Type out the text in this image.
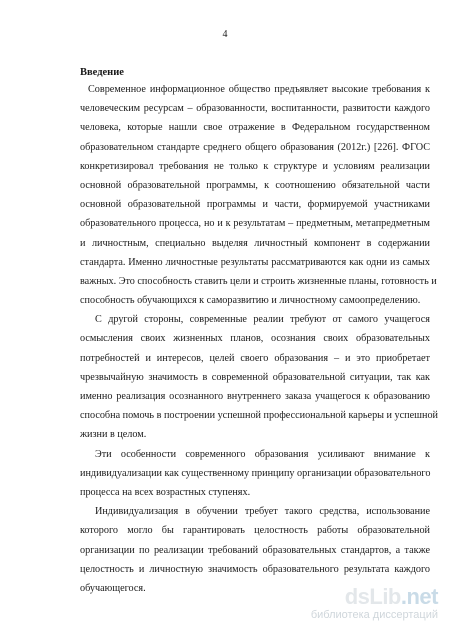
4
Введение
Современное информационное общество предъявляет высокие требования к
человеческим ресурсам – образованности, воспитанности, развитости каждого
человека, которые нашли свое отражение в Федеральном государственном
образовательном стандарте среднего общего образования (2012г.) [226]. ФГОС
конкретизировал требования не только к структуре и условиям реализации
основной образовательной программы, к соотношению обязательной части
основной образовательной программы и части, формируемой участниками
образовательного процесса, но и к результатам – предметным, метапредметным
и личностным, специально выделяя личностный компонент в содержании
стандарта. Именно личностные результаты рассматриваются как одни из самых
важных. Это способность ставить цели и строить жизненные планы, готовность и
способность обучающихся к саморазвитию и личностному самоопределению.
С другой стороны, современные реалии требуют от самого учащегося
осмысления своих жизненных планов, осознания своих образовательных
потребностей и интересов, целей своего образования – и это приобретает
чрезвычайную значимость в современной образовательной ситуации, так как
именно реализация осознанного внутреннего заказа учащегося к образованию
способна помочь в построении успешной профессиональной карьеры и успешной
жизни в целом.
Эти особенности современного образования усиливают внимание к
индивидуализации как существенному принципу организации образовательного
процесса на всех возрастных ступенях.
Индивидуализация в обучении требует такого средства, использование
которого могло бы гарантировать целостность работы образовательной
организации по реализации требований образовательных стандартов, а также
целостность и личностную значимость образовательного результата каждого
обучающегося.	dsLib.net
библиотека диссертаций
